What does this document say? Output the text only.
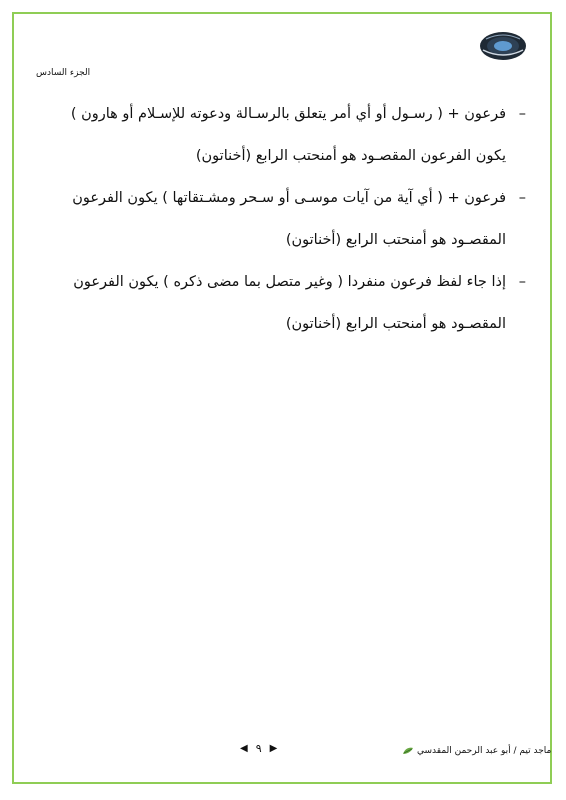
الجزء السادس
–
فرعون + ( رسـول أو أي أمر يتعلق بالرسـالة ودعوته للإسـلام أو هارون ) يكون الفرعون المقصـود هو أمنحتب الرابع (أخناتون)
–
فرعون + ( أي آية من آيات موسـى أو سـحر ومشـتقاتها ) يكون الفرعون المقصـود هو أمنحتب الرابع (أخناتون)
–
إذا جاء لفظ فرعون منفردا ( وغير متصل بما مضى ذكره ) يكون الفرعون المقصـود هو أمنحتب الرابع (أخناتون)
◀ ٩ ▶	ماجد تيم / أبو عبد الرحمن المقدسي
